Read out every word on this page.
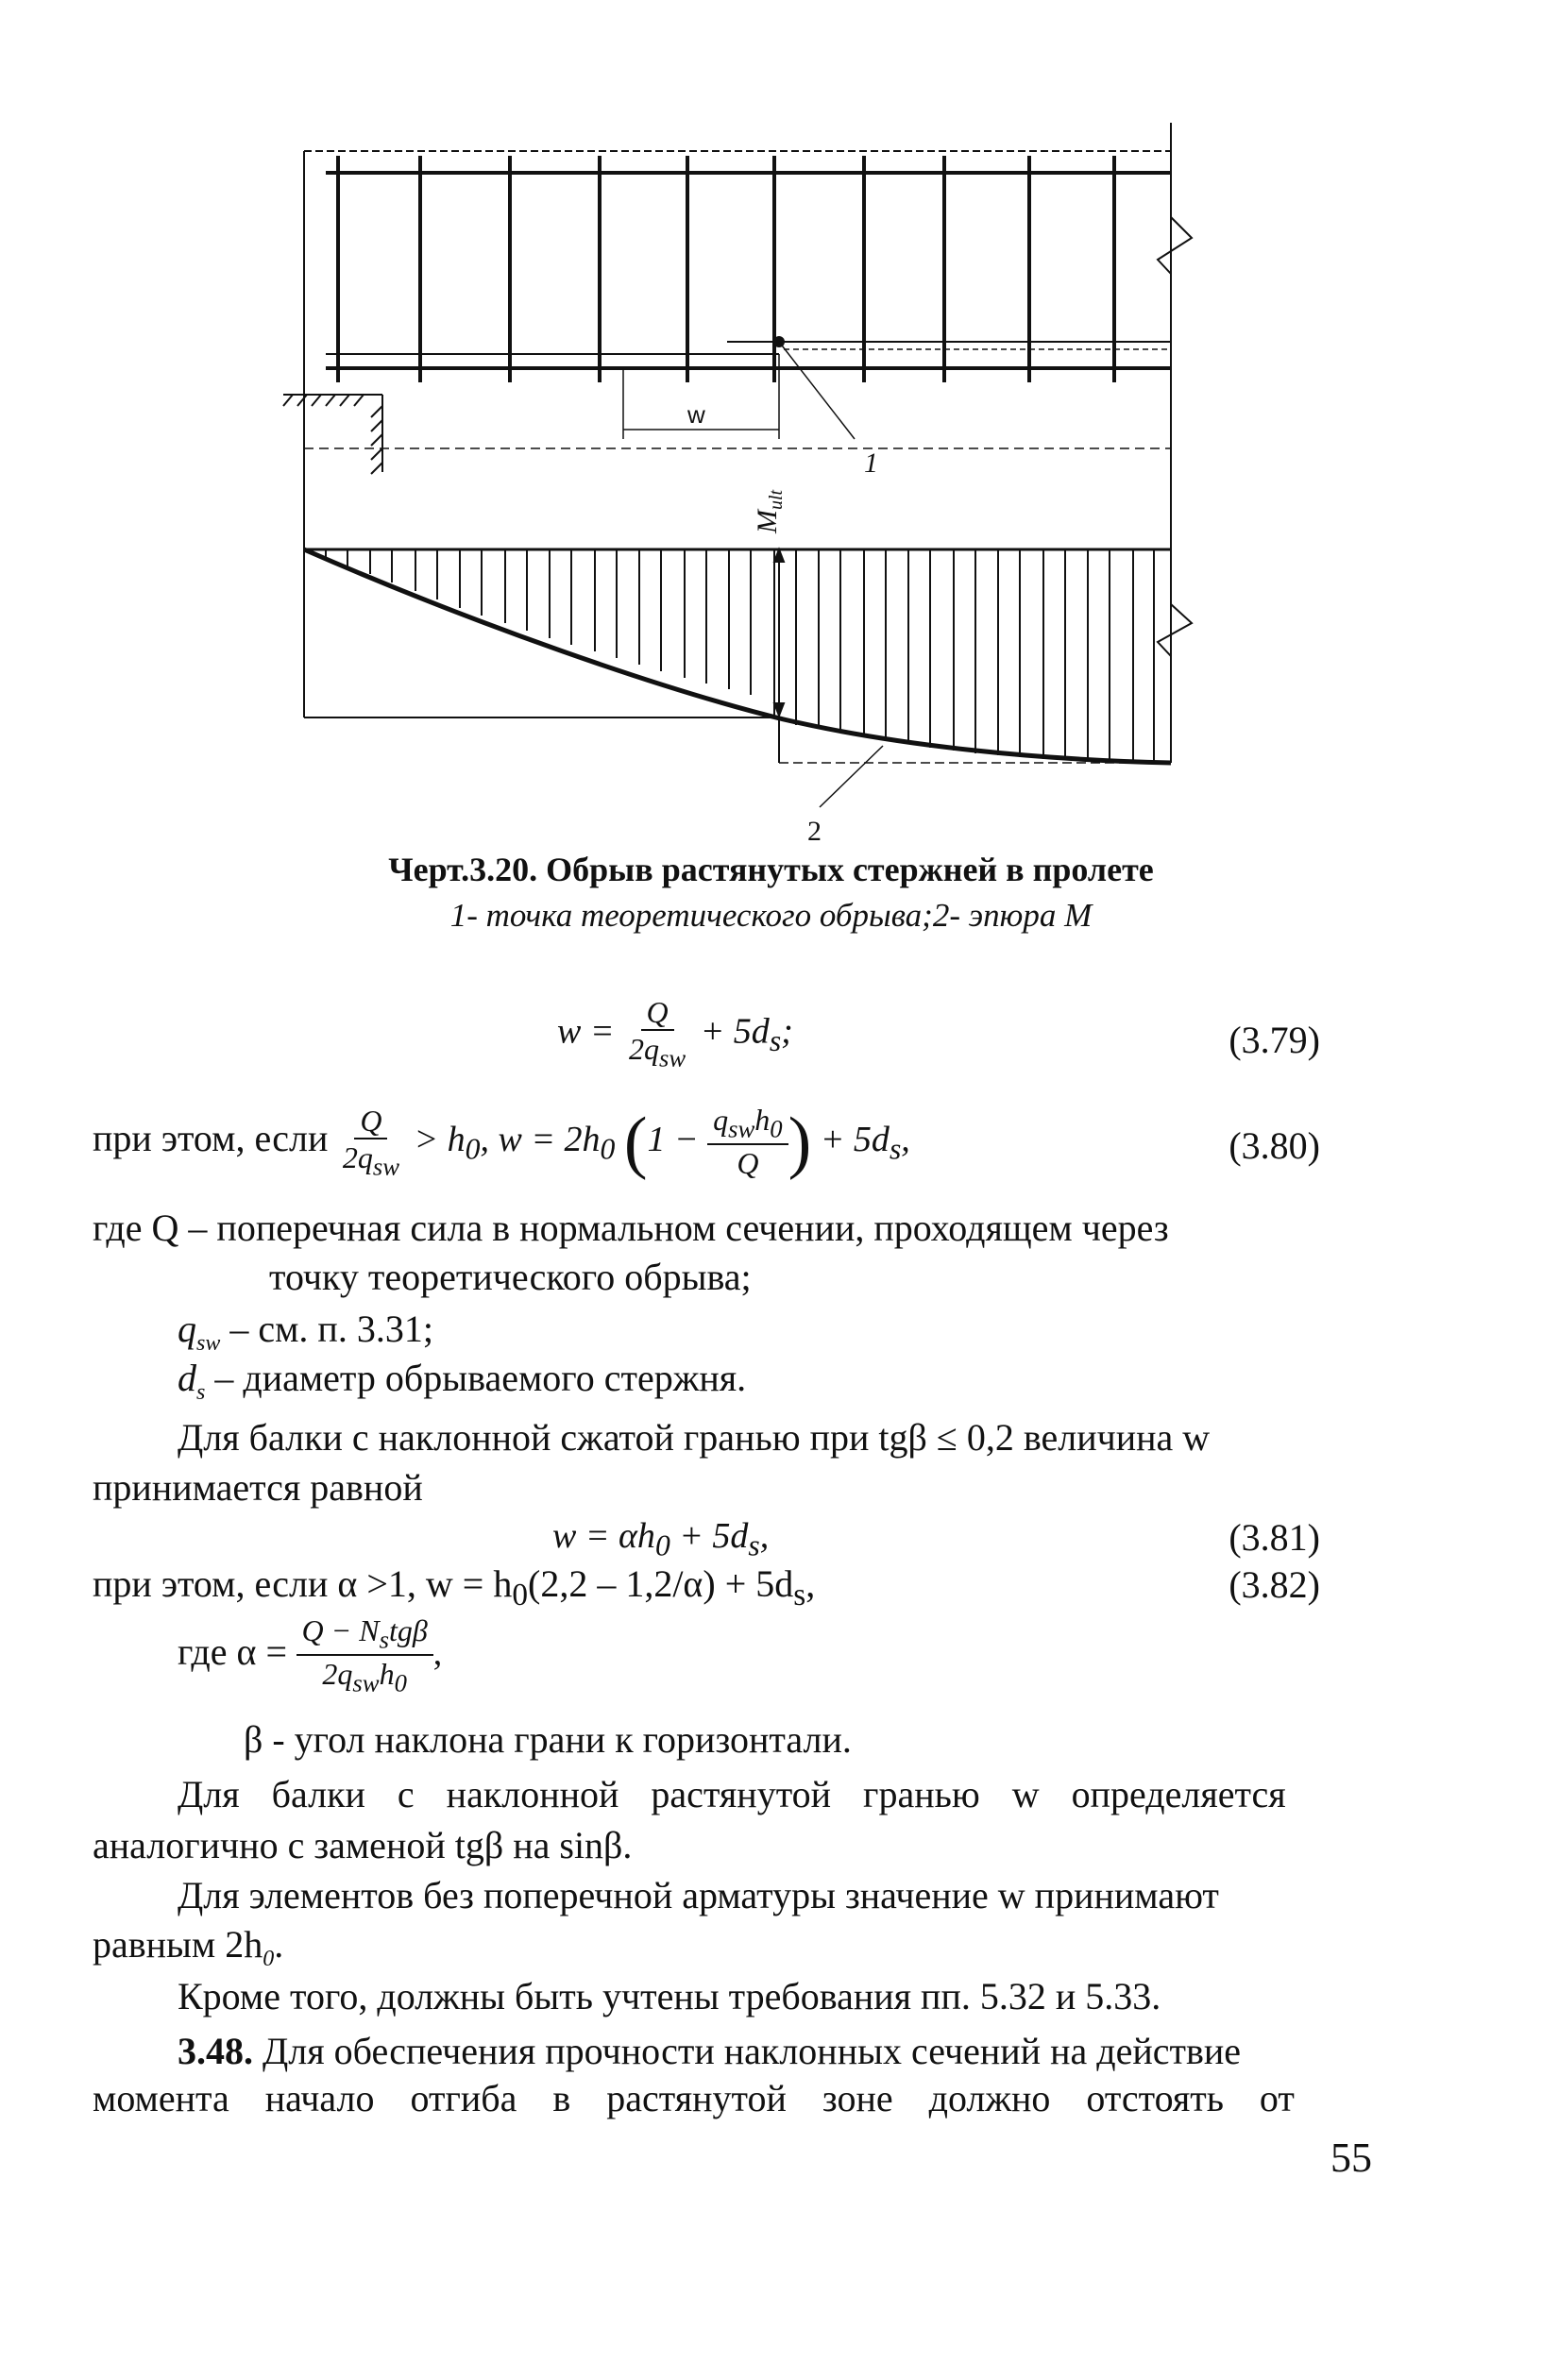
w
1
$M_{ult}$
2
Черт.3.20. Обрыв растянутых стержней в пролете
1- точка теоретического обрыва;2- эпюра М
$w = \frac{Q}{2q_{sw}} + 5d_s$;	(3.79)
при этом, если $\frac{Q}{2q_{sw}} > h_0$, $w = 2h_0$ ($1 - \frac{q_{sw}h_0}{Q}$ ) + $5d_s$,	(3.80)
где Q – поперечная сила в нормальном сечении, проходящем через
точку теоретического обрыва;
$q_{sw}$ – см. п. 3.31;
$d_s$ – диаметр обрываемого стержня.
Для балки с наклонной сжатой гранью при tgβ ≤ 0,2 величина w
принимается равной
$w = \alpha h_0 + 5d_s$,	(3.81)
при этом, если α >1, $w = h_0(2,2 - 1,2/\alpha) + 5d_s$,	(3.82)
где $\alpha = \frac{Q - N_stg\beta}{2q_{sw}h_0}$ ,
β - угол наклона грани к горизонтали.
Для балки с наклонной растянутой гранью w определяется
аналогично с заменой tgβ на sinβ.
Для элементов без поперечной арматуры значение w принимают
равным $2h_0$.
Кроме того, должны быть учтены требования пп. 5.32 и 5.33.
3.48. Для обеспечения прочности наклонных сечений на действие
момента начало отгиба в растянутой зоне должно отстоять от
55
